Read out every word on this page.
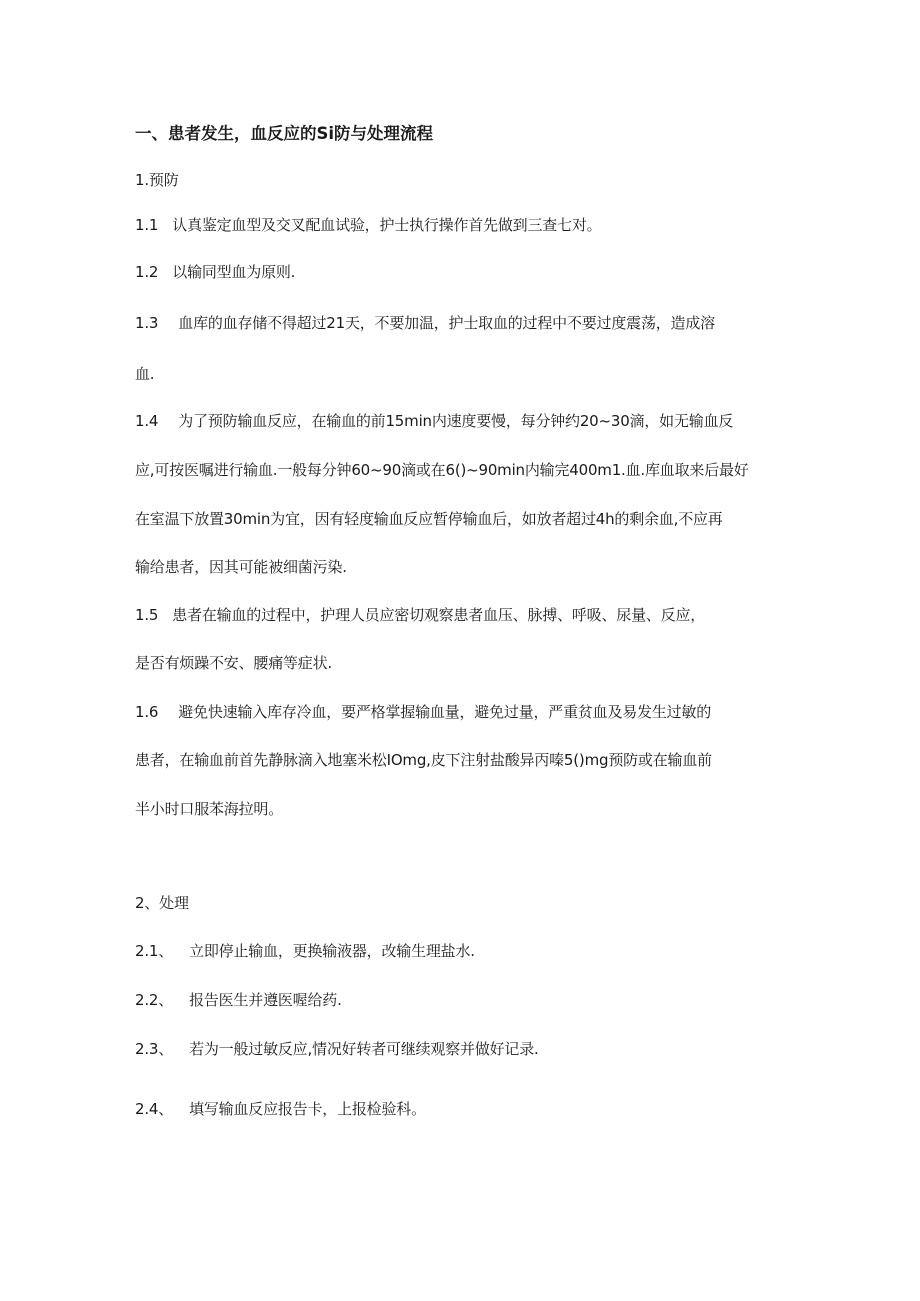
一、患者发生，血反应的Si防与处理流程
1.预防
1.1 认真鉴定血型及交叉配血试验，护士执行操作首先做到三查七对。
1.2 以输同型血为原则.
1.3 血库的血存储不得超过21天，不要加温，护士取血的过程中不要过度震荡，造成溶
血.
1.4 为了预防输血反应，在输血的前15min内速度要慢，每分钟约20~30滴，如无输血反
应,可按医嘱进行输血.一般每分钟60~90滴或在6()~90min内输完400m1.血.库血取来后最好
在室温下放置30min为宜，因有轻度输血反应暂停输血后，如放者超过4h的剩余血,不应再
输给患者，因其可能被细菌污染.
1.5 患者在输血的过程中，护理人员应密切观察患者血压、脉搏、呼吸、尿量、反应，
是否有烦躁不安、腰痛等症状.
1.6 避免快速输入库存冷血，要严格掌握输血量，避免过量，严重贫血及易发生过敏的
患者，在输血前首先静脉滴入地塞米松IOmg,皮下注射盐酸异丙嗪5()mg预防或在输血前
半小时口服苯海拉明。
2、处理
2.1、 立即停止输血，更换输液器，改输生理盐水.
2.2、 报告医生并遵医喔给药.
2.3、 若为一般过敏反应,情况好转者可继续观察并做好记录.
2.4、 填写输血反应报告卡，上报检验科。
